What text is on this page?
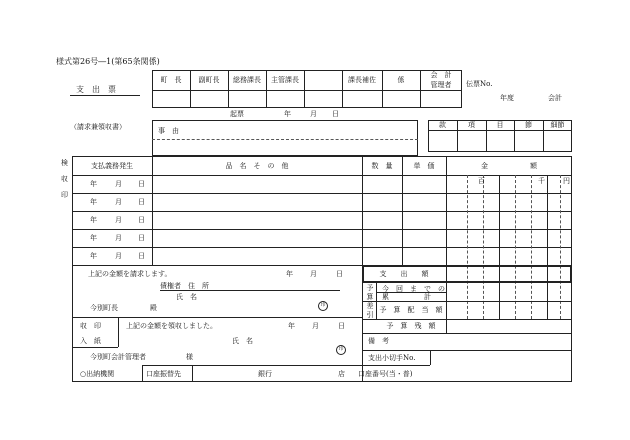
様式第26号―1(第65条関係)
支　出　票
（請求兼領収書）
伝票No.
年度	会計
町　長	副町長	総務課長	主管課長	課長補佐	係
会　計
管理者
起票	年	月 日
事　由
款	項	目	節	細節
検
収
印
支払義務発生	品　名　そ　の　他	数　量	単　価	金　　　　　　額
百	千	円
年	月 日
年	月 日
年	月 日
年	月 日
年	月 日
上記の金額を請求します。	年 月	日
債権者　住　所
氏　名
印
今別町長	殿
収　印
入　紙
上記の金額を領収しました。	年 月	日
氏　名
印
今別町会計管理者	様
支　　出　　額
予
算
差
引
今　回　ま　で　の
累　　　　　計
予　算　配　当　額
予　算　残　額
備　考
支出小切手No.
○出納機関	口座振替先	銀行	店 口座番号(当・普)
